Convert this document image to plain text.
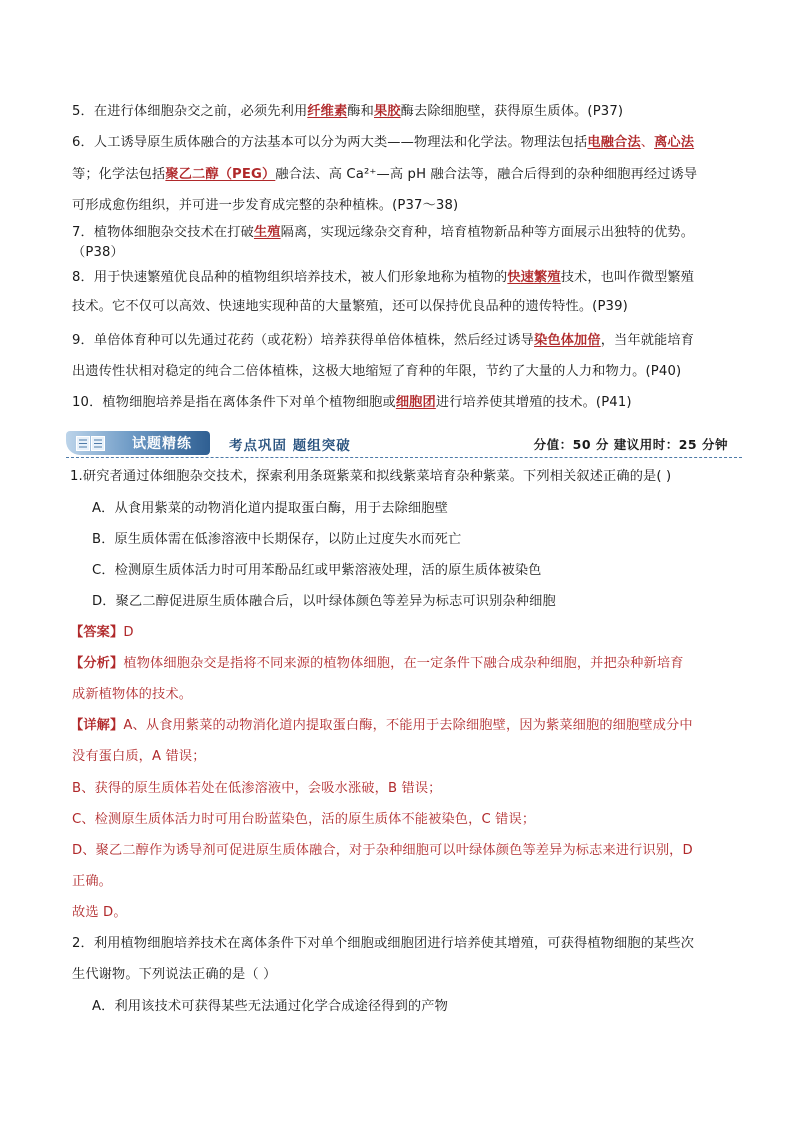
5．在进行体细胞杂交之前，必须先利用纤维素酶和果胶酶去除细胞壁，获得原生质体。(P37)
6．人工诱导原生质体融合的方法基本可以分为两大类——物理法和化学法。物理法包括电融合法、离心法
等；化学法包括聚乙二醇（PEG）融合法、高 Ca²⁺—高 pH 融合法等，融合后得到的杂种细胞再经过诱导
可形成愈伤组织，并可进一步发育成完整的杂种植株。(P37～38)
7．植物体细胞杂交技术在打破生殖隔离，实现远缘杂交育种，培育植物新品种等方面展示出独特的优势。
（P38）
8．用于快速繁殖优良品种的植物组织培养技术，被人们形象地称为植物的快速繁殖技术，也叫作微型繁殖
技术。它不仅可以高效、快速地实现种苗的大量繁殖，还可以保持优良品种的遗传特性。(P39)
9．单倍体育种可以先通过花药（或花粉）培养获得单倍体植株，然后经过诱导染色体加倍，当年就能培育
出遗传性状相对稳定的纯合二倍体植株，这极大地缩短了育种的年限，节约了大量的人力和物力。(P40)
10．植物细胞培养是指在离体条件下对单个植物细胞或细胞团进行培养使其增殖的技术。(P41)
试题精练	考点巩固 题组突破	分值：50 分 建议用时：25 分钟
1.研究者通过体细胞杂交技术，探索利用条斑紫菜和拟线紫菜培育杂种紫菜。下列相关叙述正确的是( )
A．从食用紫菜的动物消化道内提取蛋白酶，用于去除细胞壁
B．原生质体需在低渗溶液中长期保存，以防止过度失水而死亡
C．检测原生质体活力时可用苯酚品红或甲紫溶液处理，活的原生质体被染色
D．聚乙二醇促进原生质体融合后，以叶绿体颜色等差异为标志可识别杂种细胞
【答案】D
【分析】植物体细胞杂交是指将不同来源的植物体细胞，在一定条件下融合成杂种细胞，并把杂种新培育
成新植物体的技术。
【详解】A、从食用紫菜的动物消化道内提取蛋白酶，不能用于去除细胞壁，因为紫菜细胞的细胞壁成分中
没有蛋白质，A 错误；
B、获得的原生质体若处在低渗溶液中，会吸水涨破，B 错误；
C、检测原生质体活力时可用台盼蓝染色，活的原生质体不能被染色，C 错误；
D、聚乙二醇作为诱导剂可促进原生质体融合，对于杂种细胞可以叶绿体颜色等差异为标志来进行识别，D
正确。
故选 D。
2．利用植物细胞培养技术在离体条件下对单个细胞或细胞团进行培养使其增殖，可获得植物细胞的某些次
生代谢物。下列说法正确的是（ ）
A．利用该技术可获得某些无法通过化学合成途径得到的产物
